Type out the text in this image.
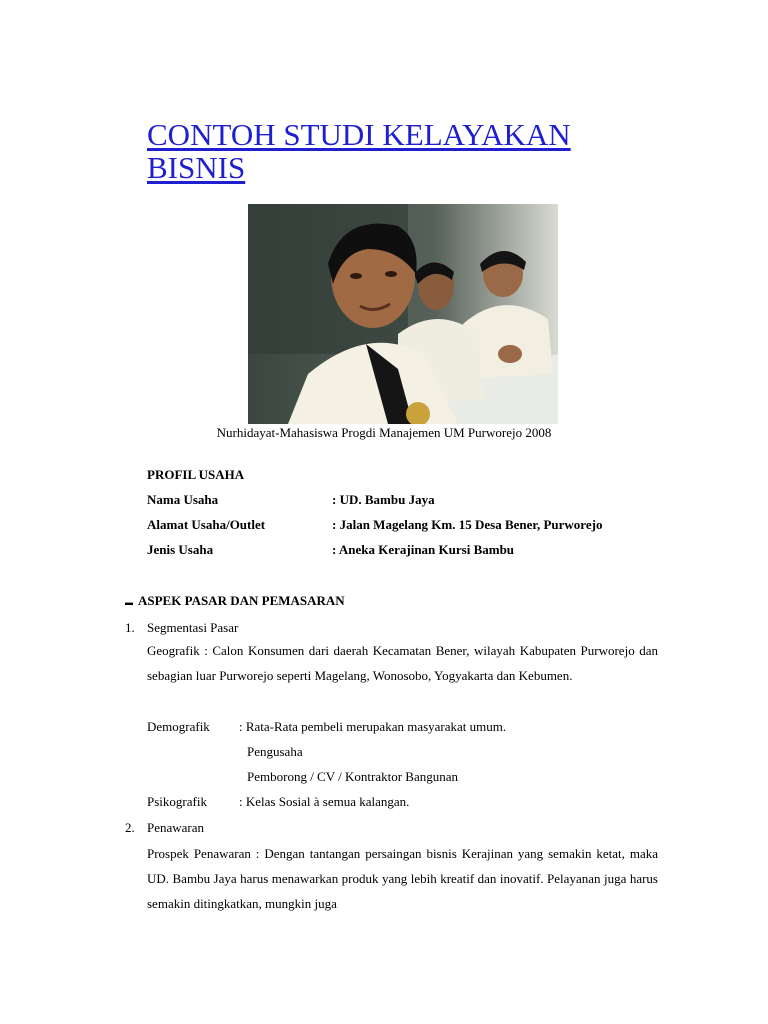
CONTOH STUDI KELAYAKAN BISNIS
Nurhidayat-Mahasiswa Progdi Manajemen UM Purworejo 2008
PROFIL USAHA
Nama Usaha	: UD. Bambu Jaya
Alamat Usaha/Outlet	: Jalan Magelang Km. 15 Desa Bener, Purworejo
Jenis Usaha	: Aneka Kerajinan Kursi Bambu
▬ ASPEK PASAR DAN PEMASARAN
1. Segmentasi Pasar
Geografik : Calon Konsumen dari daerah Kecamatan Bener, wilayah Kabupaten Purworejo dan sebagian luar Purworejo seperti Magelang, Wonosobo, Yogyakarta dan Kebumen.
Demografik : Rata-Rata pembeli merupakan masyarakat umum.
Pengusaha
Pemborong / CV / Kontraktor Bangunan
Psikografik : Kelas Sosial à semua kalangan.
2. Penawaran
Prospek Penawaran : Dengan tantangan persaingan bisnis Kerajinan yang semakin ketat, maka UD. Bambu Jaya harus menawarkan produk yang lebih kreatif dan inovatif. Pelayanan juga harus semakin ditingkatkan, mungkin juga
